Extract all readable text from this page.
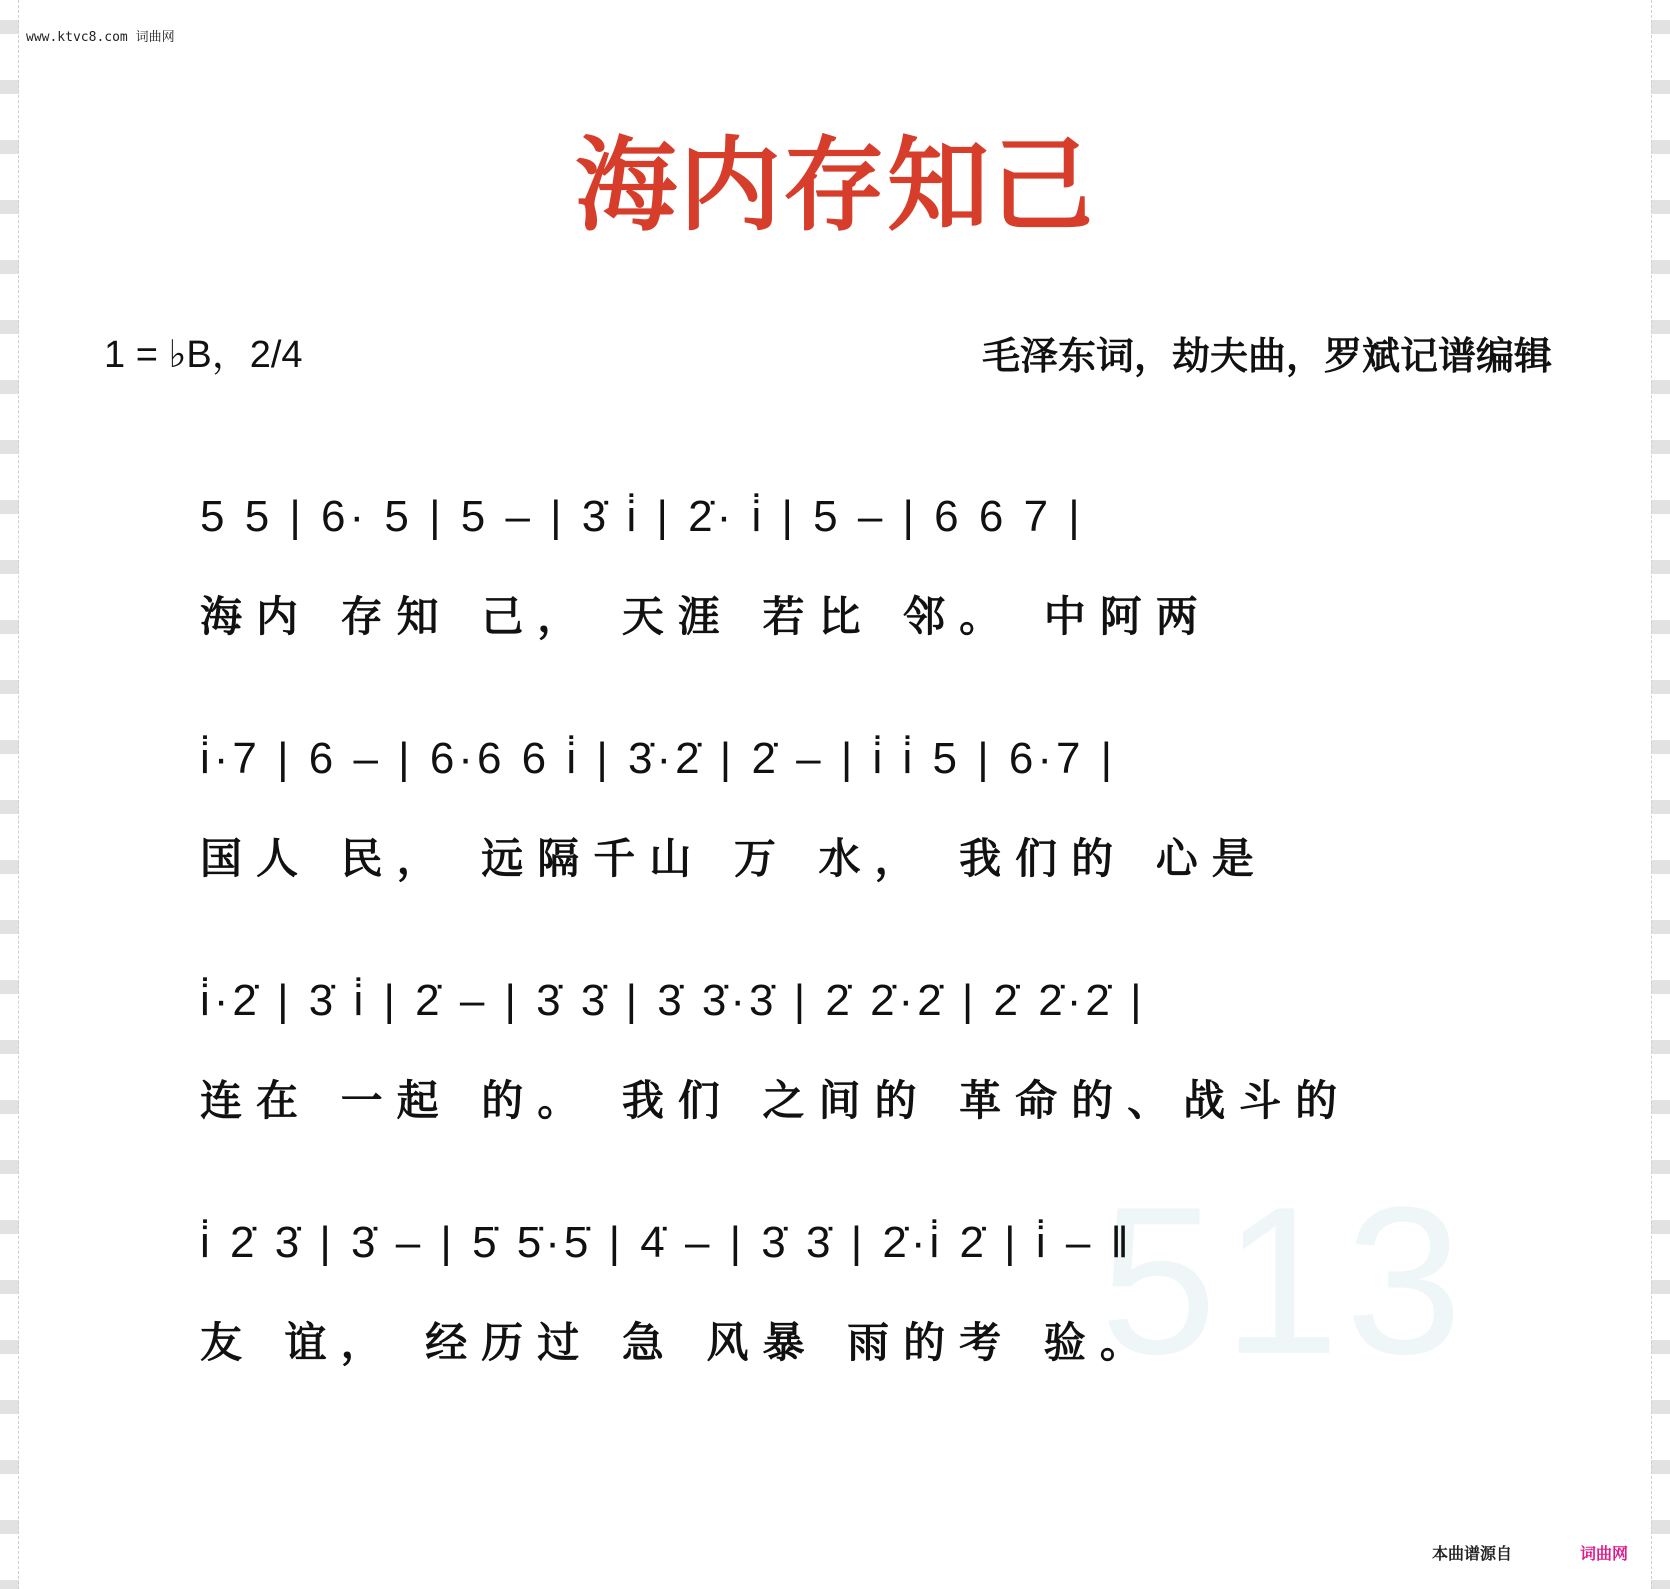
www.ktvc8.com 词曲网
海内存知己
1 = ♭B，2/4	毛泽东词，劫夫曲，罗斌记谱编辑
513
5 5 | 6· 5 | 5 – | 3̇ i̇ | 2̇· i̇ | 5 – | 6 6 7 |
海内 存知 己， 天涯 若比 邻。 中阿两
i̇·7 | 6 – | 6·6 6 i̇ | 3̇·2̇ | 2̇ – | i̇ i̇ 5 | 6·7 |
国人 民， 远隔千山 万 水， 我们的 心是
i̇·2̇ | 3̇ i̇ | 2̇ – | 3̇ 3̇ | 3̇ 3̇·3̇ | 2̇ 2̇·2̇ | 2̇ 2̇·2̇ |
连在 一起 的。 我们 之间的 革命的、战斗的
i̇ 2̇ 3̇ | 3̇ – | 5̇ 5̇·5̇ | 4̇ – | 3̇ 3̇ | 2̇·i̇ 2̇ | i̇ – ‖
友 谊， 经历过 急 风暴 雨的考 验。
本曲谱源自	词曲网
